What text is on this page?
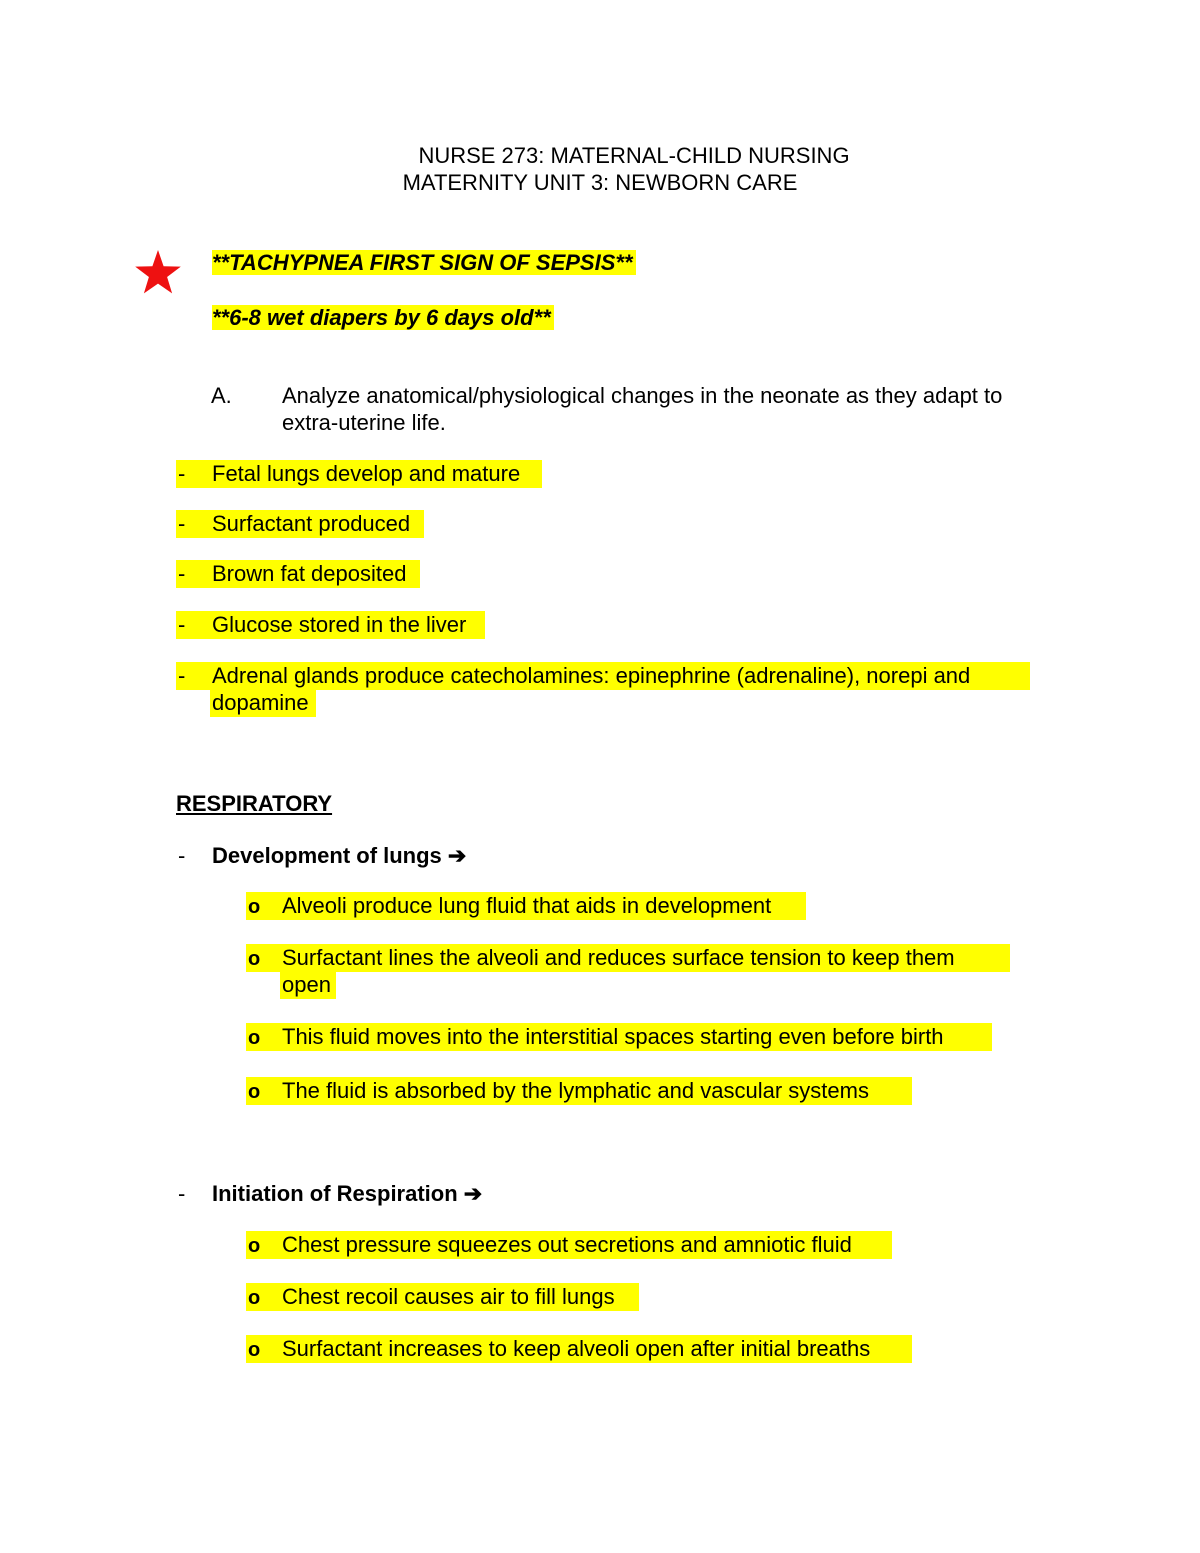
NURSE 273: MATERNAL-CHILD NURSING
MATERNITY UNIT 3: NEWBORN CARE
**TACHYPNEA FIRST SIGN OF SEPSIS**
**6-8 wet diapers by 6 days old**
A. Analyze anatomical/physiological changes in the neonate as they adapt to
extra-uterine life.
-	Fetal lungs develop and mature
-	Surfactant produced
-	Brown fat deposited
-	Glucose stored in the liver
-	Adrenal glands produce catecholamines: epinephrine (adrenaline), norepi and
dopamine
RESPIRATORY
-	Development of lungs ➔
o Alveoli produce lung fluid that aids in development
o Surfactant lines the alveoli and reduces surface tension to keep them
open
o This fluid moves into the interstitial spaces starting even before birth
o The fluid is absorbed by the lymphatic and vascular systems
-	Initiation of Respiration ➔
o Chest pressure squeezes out secretions and amniotic fluid
o Chest recoil causes air to fill lungs
o Surfactant increases to keep alveoli open after initial breaths
